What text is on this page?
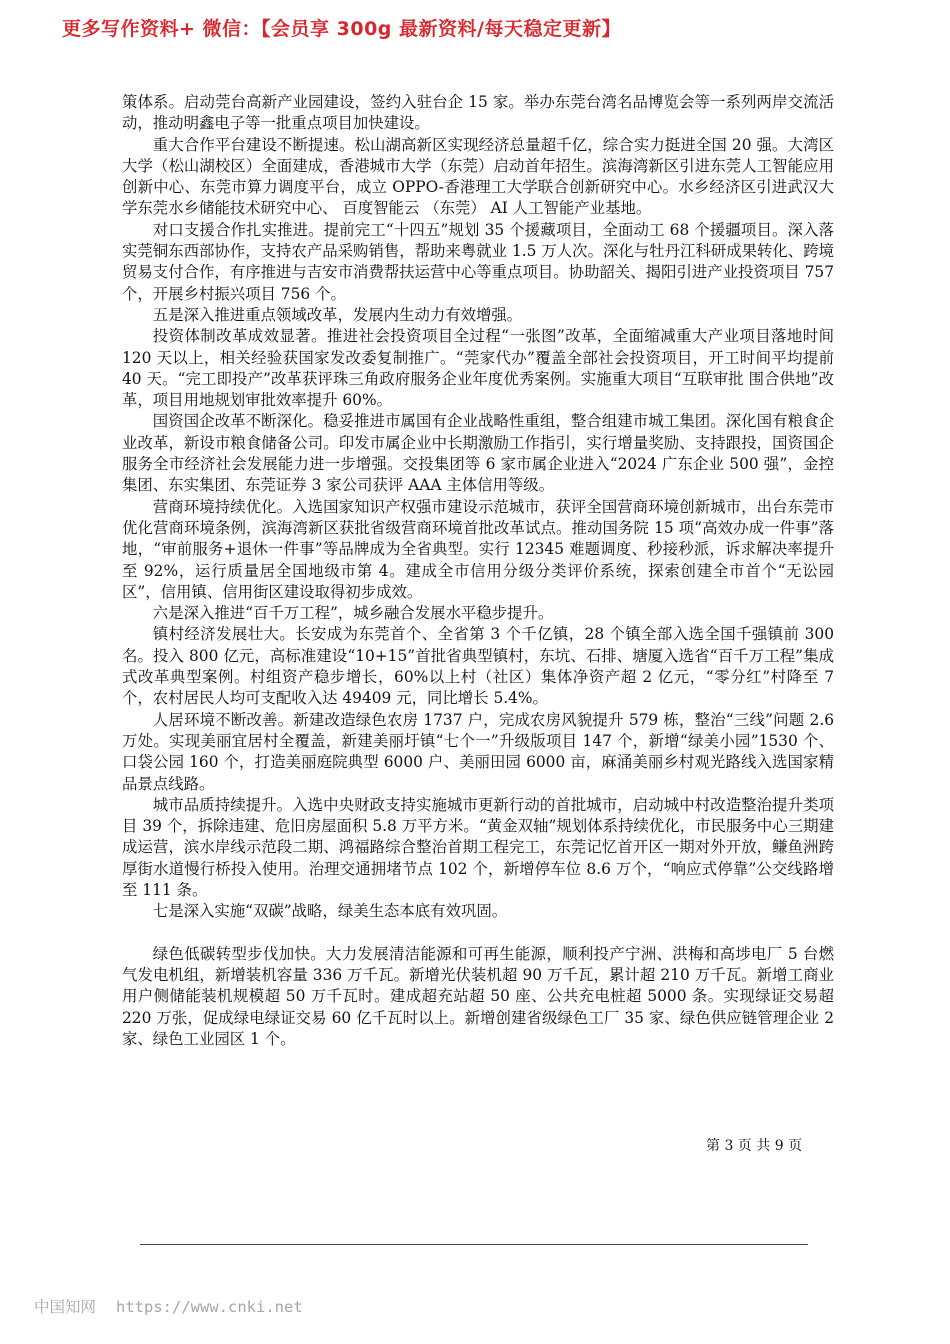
更多写作资料+ 微信：【会员享 300g 最新资料/每天稳定更新】

策体系。启动莞台高新产业园建设，签约入驻台企 15 家。举办东莞台湾名品博览会等一系列两岸交流活动，推动明鑫电子等一批重点项目加快建设。

重大合作平台建设不断提速。松山湖高新区实现经济总量超千亿，综合实力挺进全国 20 强。大湾区大学（松山湖校区）全面建成，香港城市大学（东莞）启动首年招生。滨海湾新区引进东莞人工智能应用创新中心、东莞市算力调度平台，成立 OPPO-香港理工大学联合创新研究中心。水乡经济区引进武汉大学东莞水乡储能技术研究中心、 百度智能云 （东莞） AI 人工智能产业基地。

对口支援合作扎实推进。提前完工“十四五”规划 35 个援藏项目，全面动工 68 个援疆项目。深入落实莞铜东西部协作，支持农产品采购销售，帮助来粤就业 1.5 万人次。深化与牡丹江科研成果转化、跨境贸易支付合作，有序推进与吉安市消费帮扶运营中心等重点项目。协助韶关、揭阳引进产业投资项目 757 个，开展乡村振兴项目 756 个。

五是深入推进重点领域改革，发展内生动力有效增强。

投资体制改革成效显著。推进社会投资项目全过程“一张图”改革，全面缩减重大产业项目落地时间 120 天以上，相关经验获国家发改委复制推广。“莞家代办”覆盖全部社会投资项目，开工时间平均提前 40 天。“完工即投产”改革获评珠三角政府服务企业年度优秀案例。实施重大项目“互联审批 围合供地”改革，项目用地规划审批效率提升 60%。

国资国企改革不断深化。稳妥推进市属国有企业战略性重组，整合组建市城工集团。深化国有粮食企业改革，新设市粮食储备公司。印发市属企业中长期激励工作指引，实行增量奖励、支持跟投，国资国企服务全市经济社会发展能力进一步增强。交投集团等 6 家市属企业进入“2024 广东企业 500 强”，金控集团、东实集团、东莞证券 3 家公司获评 AAA 主体信用等级。

营商环境持续优化。入选国家知识产权强市建设示范城市，获评全国营商环境创新城市，出台东莞市优化营商环境条例，滨海湾新区获批省级营商环境首批改革试点。推动国务院 15 项“高效办成一件事”落地，“审前服务+退休一件事”等品牌成为全省典型。实行 12345 难题调度、秒接秒派，诉求解决率提升至 92%，运行质量居全国地级市第 4。建成全市信用分级分类评价系统，探索创建全市首个“无讼园区”，信用镇、信用街区建设取得初步成效。

六是深入推进“百千万工程”，城乡融合发展水平稳步提升。

镇村经济发展壮大。长安成为东莞首个、全省第 3 个千亿镇，28 个镇全部入选全国千强镇前 300 名。投入 800 亿元，高标准建设“10+15”首批省典型镇村，东坑、石排、塘厦入选省“百千万工程”集成式改革典型案例。村组资产稳步增长，60%以上村（社区）集体净资产超 2 亿元，“零分红”村降至 7 个，农村居民人均可支配收入达 49409 元，同比增长 5.4%。

人居环境不断改善。新建改造绿色农房 1737 户，完成农房风貌提升 579 栋，整治“三线”问题 2.6 万处。实现美丽宜居村全覆盖，新建美丽圩镇“七个一”升级版项目 147 个，新增“绿美小园”1530 个、口袋公园 160 个，打造美丽庭院典型 6000 户、美丽田园 6000 亩，麻涌美丽乡村观光路线入选国家精品景点线路。

城市品质持续提升。入选中央财政支持实施城市更新行动的首批城市，启动城中村改造整治提升类项目 39 个，拆除违建、危旧房屋面积 5.8 万平方米。“黄金双轴”规划体系持续优化，市民服务中心三期建成运营，滨水岸线示范段二期、鸿福路综合整治首期工程完工，东莞记忆首开区一期对外开放，鳒鱼洲跨厚街水道慢行桥投入使用。治理交通拥堵节点 102 个，新增停车位 8.6 万个，“响应式停靠”公交线路增至 111 条。

七是深入实施“双碳”战略，绿美生态本底有效巩固。

绿色低碳转型步伐加快。大力发展清洁能源和可再生能源，顺利投产宁洲、洪梅和高埗电厂 5 台燃气发电机组，新增装机容量 336 万千瓦。新增光伏装机超 90 万千瓦，累计超 210 万千瓦。新增工商业用户侧储能装机规模超 50 万千瓦时。建成超充站超 50 座、公共充电桩超 5000 条。实现绿证交易超 220 万张，促成绿电绿证交易 60 亿千瓦时以上。新增创建省级绿色工厂 35 家、绿色供应链管理企业 2 家、绿色工业园区 1 个。

第 3 页 共 9 页
中国知网 https://www.cnki.net
